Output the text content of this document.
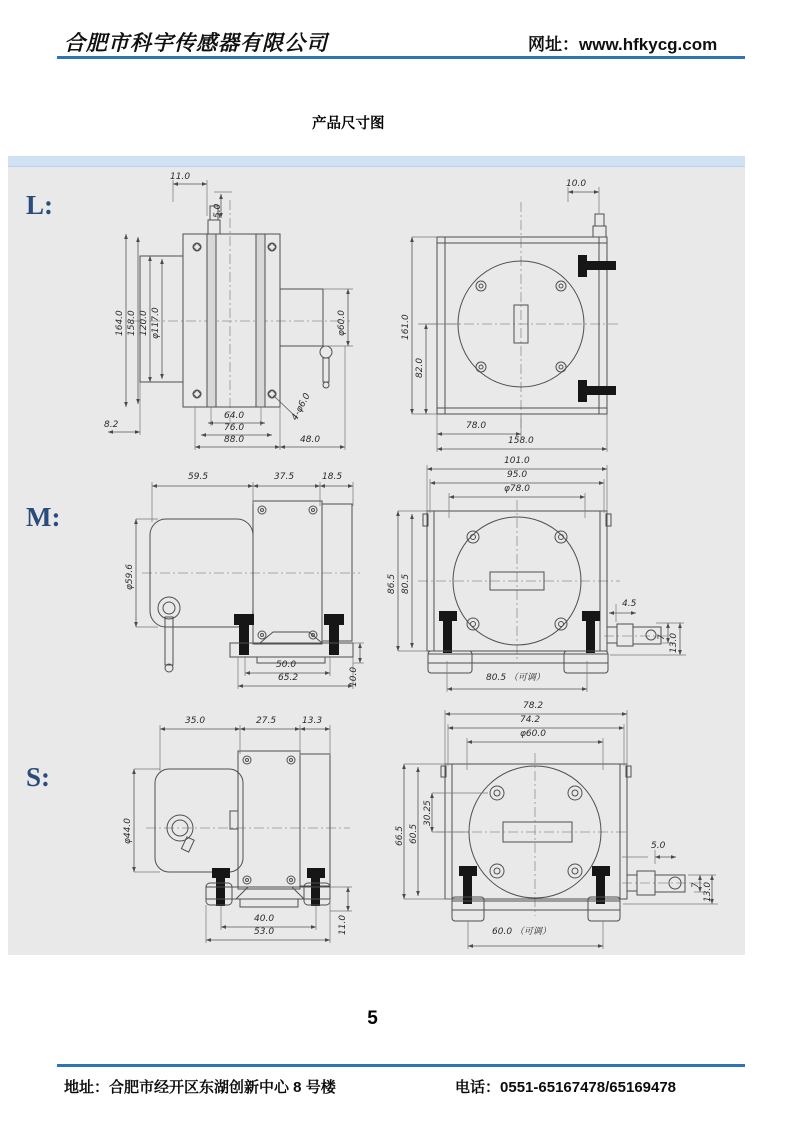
合肥市科宇传感器有限公司	网址：www.hfkycg.com
产品尺寸图
L:
M:
S:
11.0
5.0
164.0 158.0 120.0 φ117.0	φ60.0
4-φ6.0
8.2
64.0
76.0
88.0	48.0
10.0
161.0
82.0
78.0
158.0
59.5	37.5	18.5
φ59.6
50.0
65.2	10.0
101.0
95.0
φ78.0
86.5 80.5
4.5
7 13.0
80.5 （可调）
35.0	27.5	13.3
φ44.0
40.0
53.0	11.0
78.2
74.2
φ60.0
66.5 60.5
30.25
5.0
7 13.0
60.0 （可调）
5
地址：合肥市经开区东湖创新中心 8 号楼	电话：0551-65167478/65169478
